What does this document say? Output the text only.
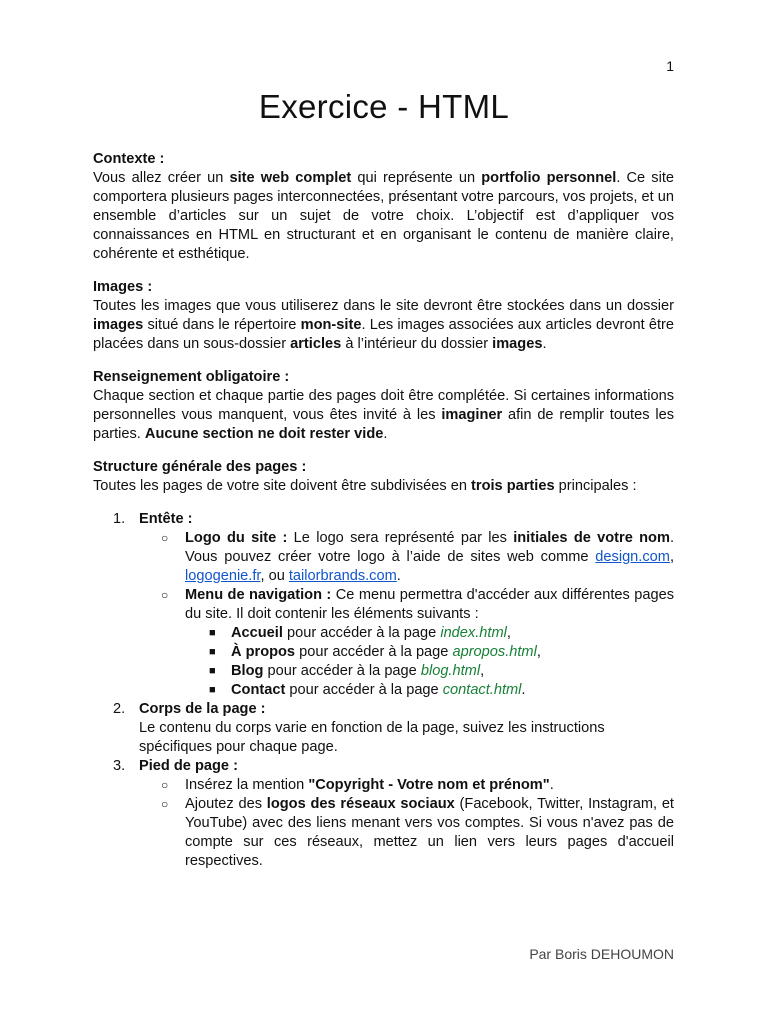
1
Exercice - HTML
Contexte :

Vous allez créer un site web complet qui représente un portfolio personnel. Ce site comportera plusieurs pages interconnectées, présentant votre parcours, vos projets, et un ensemble d’articles sur un sujet de votre choix. L’objectif est d’appliquer vos connaissances en HTML en structurant et en organisant le contenu de manière claire, cohérente et esthétique.

Images :

Toutes les images que vous utiliserez dans le site devront être stockées dans un dossier images situé dans le répertoire mon-site. Les images associées aux articles devront être placées dans un sous-dossier articles à l’intérieur du dossier images.

Renseignement obligatoire :

Chaque section et chaque partie des pages doit être complétée. Si certaines informations personnelles vous manquent, vous êtes invité à les imaginer afin de remplir toutes les parties. Aucune section ne doit rester vide.

Structure générale des pages :

Toutes les pages de votre site doivent être subdivisées en trois parties principales :

1. Entête :
○ Logo du site : Le logo sera représenté par les initiales de votre nom. Vous pouvez créer votre logo à l’aide de sites web comme design.com, logogenie.fr, ou tailorbrands.com.
○ Menu de navigation : Ce menu permettra d'accéder aux différentes pages du site. Il doit contenir les éléments suivants :
■ Accueil pour accéder à la page index.html,
■ À propos pour accéder à la page apropos.html,
■ Blog pour accéder à la page blog.html,
■ Contact pour accéder à la page contact.html.
2. Corps de la page :
Le contenu du corps varie en fonction de la page, suivez les instructions spécifiques pour chaque page.
3. Pied de page :
○ Insérez la mention "Copyright - Votre nom et prénom".
○ Ajoutez des logos des réseaux sociaux (Facebook, Twitter, Instagram, et YouTube) avec des liens menant vers vos comptes. Si vous n'avez pas de compte sur ces réseaux, mettez un lien vers leurs pages d'accueil respectives.
Par Boris DEHOUMON
